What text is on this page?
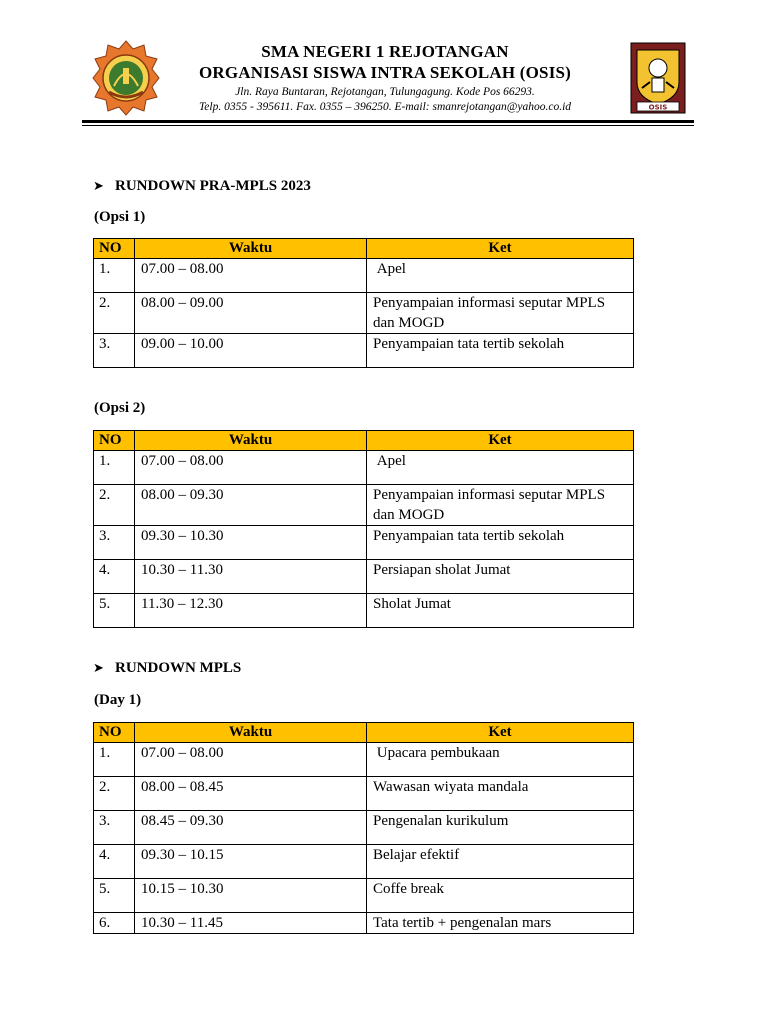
SMA NEGERI 1 REJOTANGAN
ORGANISASI SISWA INTRA SEKOLAH (OSIS)
Jln. Raya Buntaran, Rejotangan, Tulungagung. Kode Pos 66293.
Telp. 0355 - 395611. Fax. 0355 – 396250. E-mail: smanrejotangan@yahoo.co.id	OSIS
➤ RUNDOWN PRA-MPLS 2023
(Opsi 1)
NO	Waktu	Ket
1.	07.00 – 08.00	Apel
2.	08.00 – 09.00	Penyampaian informasi seputar MPLS dan MOGD
3.	09.00 – 10.00	Penyampaian tata tertib sekolah
(Opsi 2)
NO	Waktu	Ket
1.	07.00 – 08.00	Apel
2.	08.00 – 09.30	Penyampaian informasi seputar MPLS dan MOGD
3.	09.30 – 10.30	Penyampaian tata tertib sekolah
4.	10.30 – 11.30	Persiapan sholat Jumat
5.	11.30 – 12.30	Sholat Jumat
➤ RUNDOWN MPLS
(Day 1)
NO	Waktu	Ket
1.	07.00 – 08.00	Upacara pembukaan
2.	08.00 – 08.45	Wawasan wiyata mandala
3.	08.45 – 09.30	Pengenalan kurikulum
4.	09.30 – 10.15	Belajar efektif
5.	10.15 – 10.30	Coffe break
6.	10.30 – 11.45	Tata tertib + pengenalan mars
